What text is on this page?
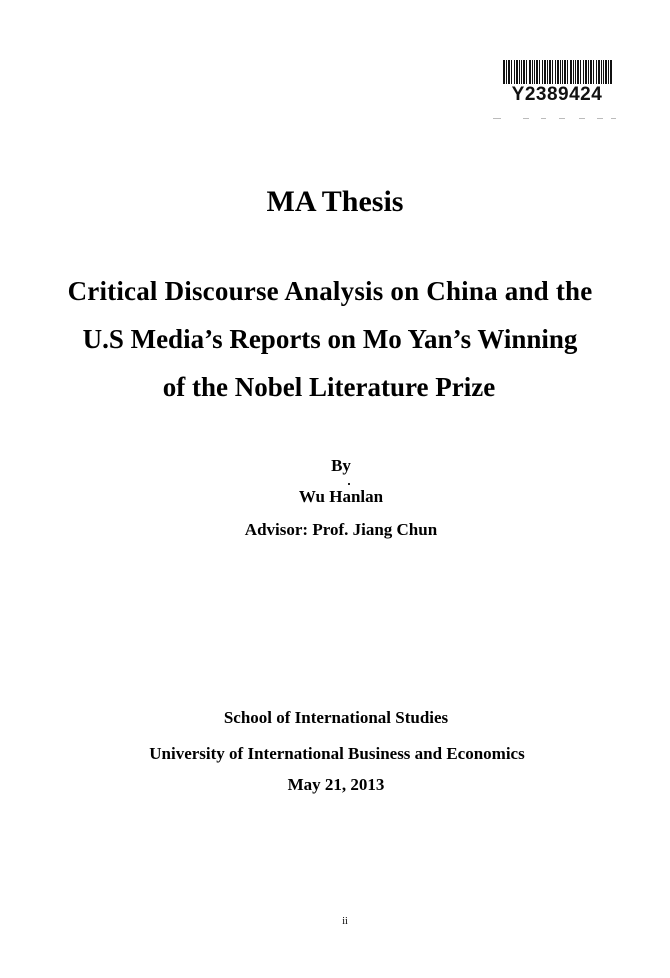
Y2389424
MA Thesis
Critical Discourse Analysis on China and the
U.S Media’s Reports on Mo Yan’s Winning
of the Nobel Literature Prize
By
Wu Hanlan
Advisor: Prof. Jiang Chun
School of International Studies
University of International Business and Economics
May 21, 2013
ii
